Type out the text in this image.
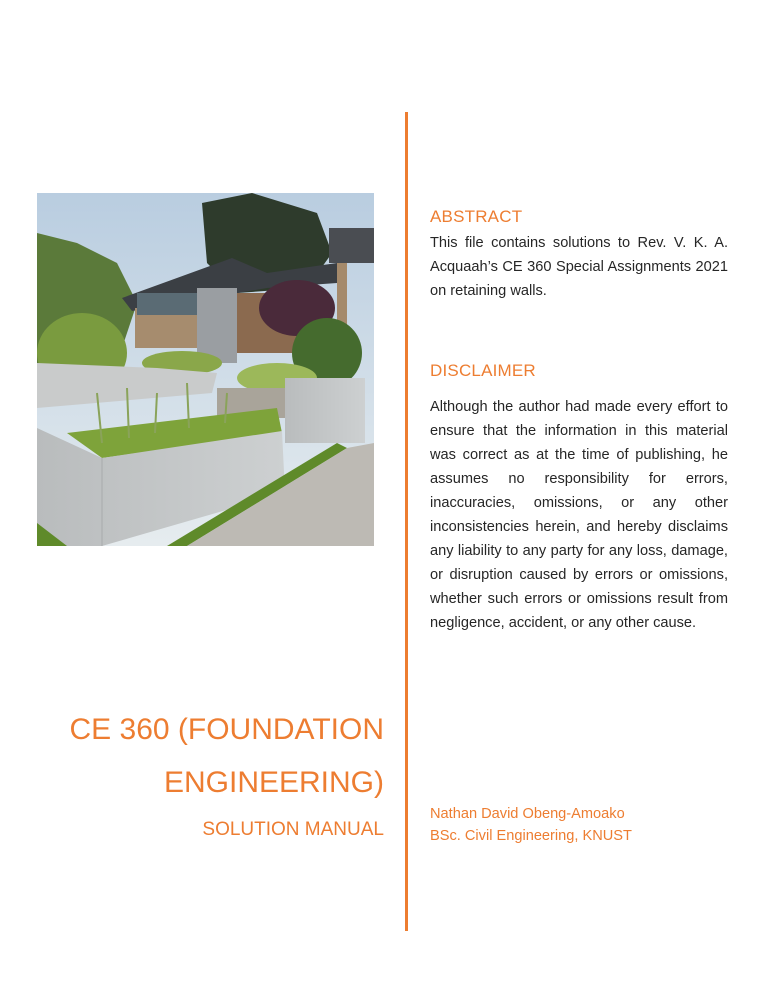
ABSTRACT
This file contains solutions to Rev. V. K. A. Acquaah’s CE 360 Special Assignments 2021 on retaining walls.
DISCLAIMER
Although the author had made every effort to ensure that the information in this material was correct as at the time of publishing, he assumes no responsibility for errors, inaccuracies, omissions, or any other inconsistencies herein, and hereby disclaims any liability to any party for any loss, damage, or disruption caused by errors or omissions, whether such errors or omissions result from negligence, accident, or any other cause.
CE 360 (FOUNDATION
ENGINEERING)
SOLUTION MANUAL
Nathan David Obeng-Amoako
BSc. Civil Engineering, KNUST
